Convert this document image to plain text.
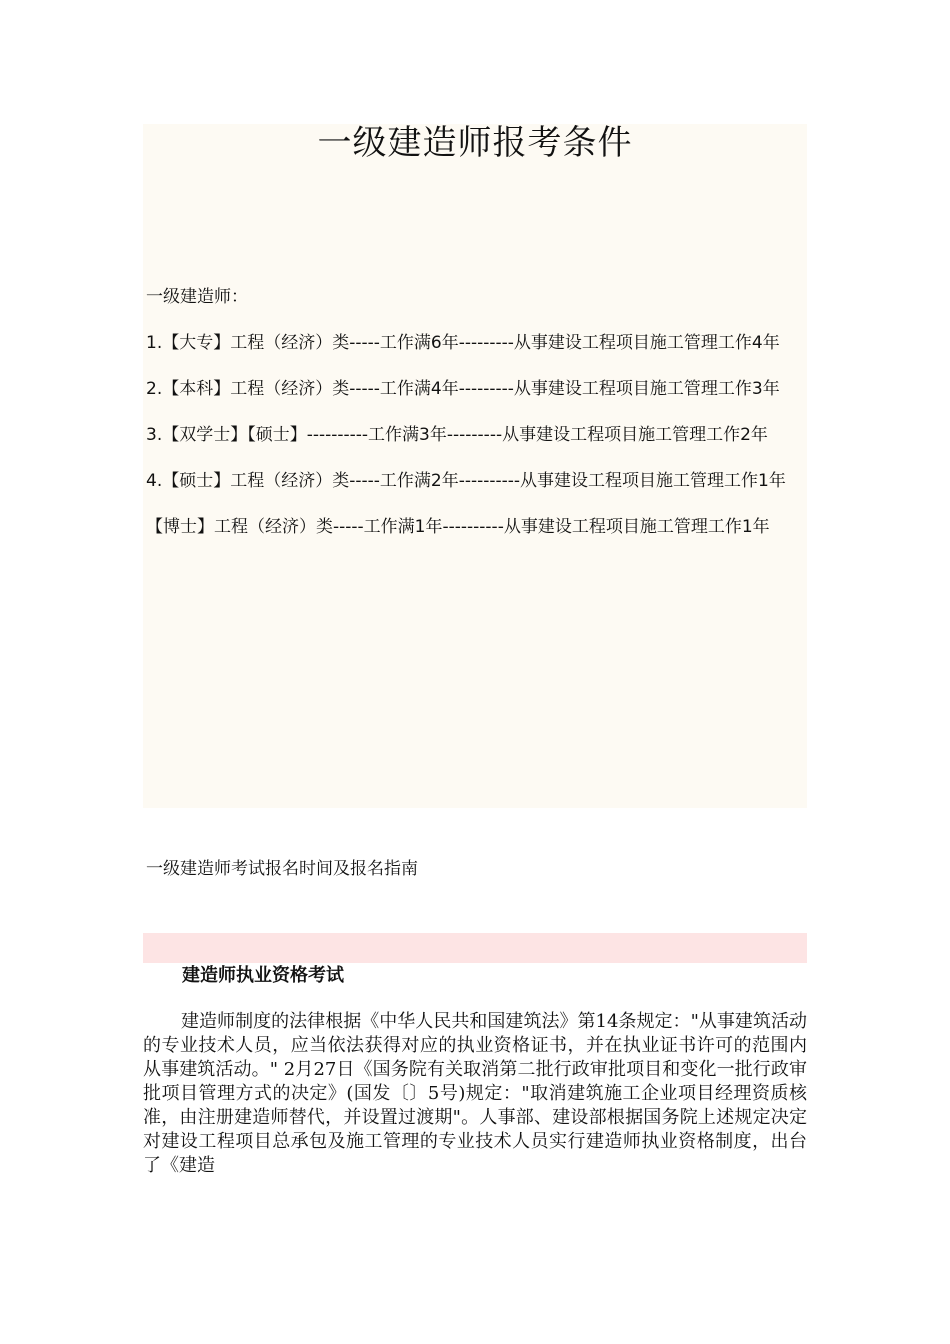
一级建造师报考条件
一级建造师：
1.【大专】工程（经济）类-----工作满6年---------从事建设工程项目施工管理工作4年
2.【本科】工程（经济）类-----工作满4年---------从事建设工程项目施工管理工作3年
3.【双学士】【硕士】----------工作满3年---------从事建设工程项目施工管理工作2年
4.【硕士】工程（经济）类-----工作满2年----------从事建设工程项目施工管理工作1年
【博士】工程（经济）类-----工作满1年----------从事建设工程项目施工管理工作1年
一级建造师考试报名时间及报名指南
建造师执业资格考试

建造师制度的法律根据《中华人民共和国建筑法》第14条规定："从事建筑活动的专业技术人员，应当依法获得对应的执业资格证书，并在执业证书许可的范围内从事建筑活动。" 2月27日《国务院有关取消第二批行政审批项目和变化一批行政审批项目管理方式的决定》(国发〔〕5号)规定："取消建筑施工企业项目经理资质核准，由注册建造师替代，并设置过渡期"。人事部、建设部根据国务院上述规定决定对建设工程项目总承包及施工管理的专业技术人员实行建造师执业资格制度，出台了《建造
